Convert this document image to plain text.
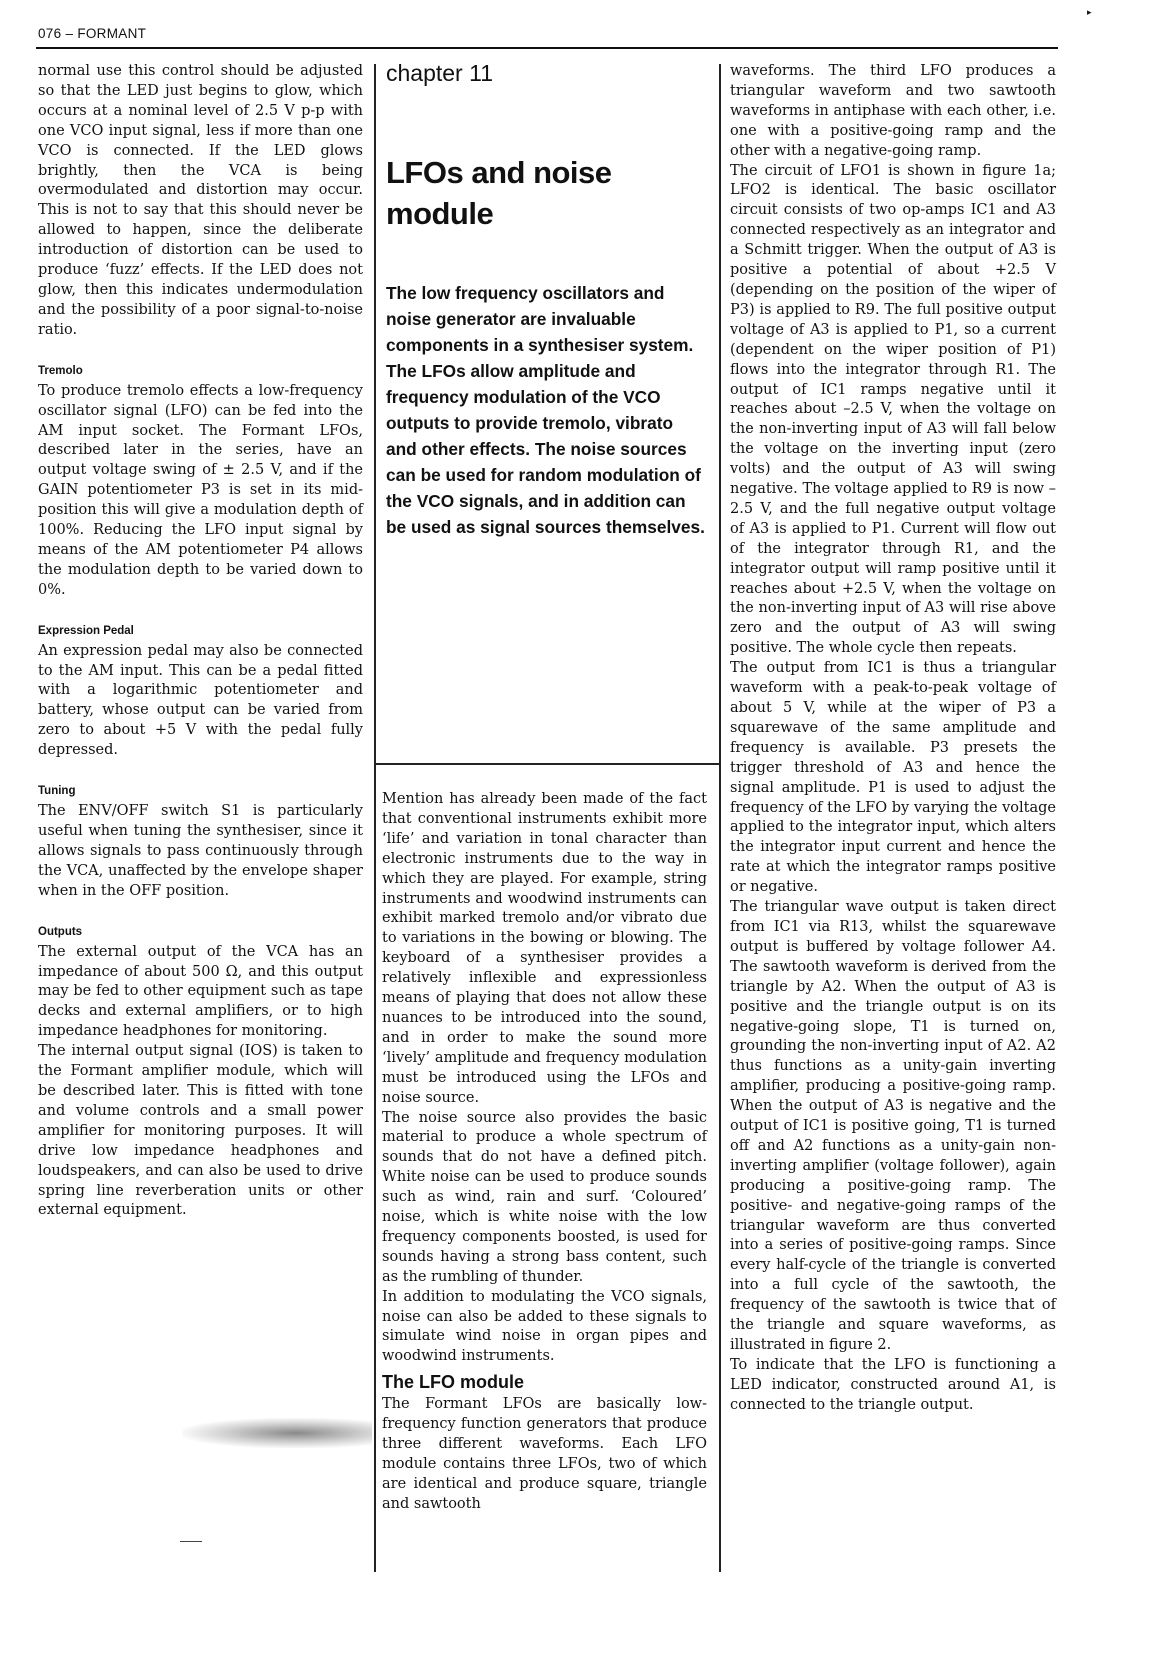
076 – FORMANT
▸

normal use this control should be adjusted so that the LED just begins to glow, which occurs at a nominal level of 2.5 V p-p with one VCO input signal, less if more than one VCO is connected. If the LED glows brightly, then the VCA is being overmodulated and distortion may occur. This is not to say that this should never be allowed to happen, since the deliberate introduction of distortion can be used to produce ‘fuzz’ effects. If the LED does not glow, then this indicates undermodulation and the possibility of a poor signal-to-noise ratio.

Tremolo

To produce tremolo effects a low-frequency oscillator signal (LFO) can be fed into the AM input socket. The Formant LFOs, described later in the series, have an output voltage swing of ± 2.5 V, and if the GAIN potentiometer P3 is set in its mid-position this will give a modulation depth of 100%. Reducing the LFO input signal by means of the AM potentiometer P4 allows the modulation depth to be varied down to 0%.

Expression Pedal

An expression pedal may also be connected to the AM input. This can be a pedal fitted with a logarithmic potentiometer and battery, whose output can be varied from zero to about +5 V with the pedal fully depressed.

Tuning

The ENV/OFF switch S1 is particularly useful when tuning the synthesiser, since it allows signals to pass continuously through the VCA, unaffected by the envelope shaper when in the OFF position.

Outputs

The external output of the VCA has an impedance of about 500 Ω, and this output may be fed to other equipment such as tape decks and external amplifiers, or to high impedance headphones for monitoring.

The internal output signal (IOS) is taken to the Formant amplifier module, which will be described later. This is fitted with tone and volume controls and a small power amplifier for monitoring purposes. It will drive low impedance headphones and loudspeakers, and can also be used to drive spring line reverberation units or other external equipment.

chapter 11
LFOs and noise
module
The low frequency oscillators and noise generator are invaluable components in a synthesiser system. The LFOs allow amplitude and frequency modulation of the VCO outputs to provide tremolo, vibrato and other effects. The noise sources can be used for random modulation of the VCO signals, and in addition can be used as signal sources themselves.

Mention has already been made of the fact that conventional instruments exhibit more ‘life’ and variation in tonal character than electronic instruments due to the way in which they are played. For example, string instruments and woodwind instruments can exhibit marked tremolo and/or vibrato due to variations in the bowing or blowing. The keyboard of a synthesiser provides a relatively inflexible and expressionless means of playing that does not allow these nuances to be introduced into the sound, and in order to make the sound more ‘lively’ amplitude and frequency modulation must be introduced using the LFOs and noise source.

The noise source also provides the basic material to produce a whole spectrum of sounds that do not have a defined pitch. White noise can be used to produce sounds such as wind, rain and surf. ‘Coloured’ noise, which is white noise with the low frequency components boosted, is used for sounds having a strong bass content, such as the rumbling of thunder.

In addition to modulating the VCO signals, noise can also be added to these signals to simulate wind noise in organ pipes and woodwind instruments.

The LFO module

The Formant LFOs are basically low-frequency function generators that produce three different waveforms. Each LFO module contains three LFOs, two of which are identical and produce square, triangle and sawtooth

waveforms. The third LFO produces a triangular waveform and two sawtooth waveforms in antiphase with each other, i.e. one with a positive-going ramp and the other with a negative-going ramp.

The circuit of LFO1 is shown in figure 1a; LFO2 is identical. The basic oscillator circuit consists of two op-amps IC1 and A3 connected respectively as an integrator and a Schmitt trigger. When the output of A3 is positive a potential of about +2.5 V (depending on the position of the wiper of P3) is applied to R9. The full positive output voltage of A3 is applied to P1, so a current (dependent on the wiper position of P1) flows into the integrator through R1. The output of IC1 ramps negative until it reaches about –2.5 V, when the voltage on the non-inverting input of A3 will fall below the voltage on the inverting input (zero volts) and the output of A3 will swing negative. The voltage applied to R9 is now –2.5 V, and the full negative output voltage of A3 is applied to P1. Current will flow out of the integrator through R1, and the integrator output will ramp positive until it reaches about +2.5 V, when the voltage on the non-inverting input of A3 will rise above zero and the output of A3 will swing positive. The whole cycle then repeats.

The output from IC1 is thus a triangular waveform with a peak-to-peak voltage of about 5 V, while at the wiper of P3 a squarewave of the same amplitude and frequency is available. P3 presets the trigger threshold of A3 and hence the signal amplitude. P1 is used to adjust the frequency of the LFO by varying the voltage applied to the integrator input, which alters the integrator input current and hence the rate at which the integrator ramps positive or negative.

The triangular wave output is taken direct from IC1 via R13, whilst the squarewave output is buffered by voltage follower A4. The sawtooth waveform is derived from the triangle by A2. When the output of A3 is positive and the triangle output is on its negative-going slope, T1 is turned on, grounding the non-inverting input of A2. A2 thus functions as a unity-gain inverting amplifier, producing a positive-going ramp. When the output of A3 is negative and the output of IC1 is positive going, T1 is turned off and A2 functions as a unity-gain non-inverting amplifier (voltage follower), again producing a positive-going ramp. The positive- and negative-going ramps of the triangular waveform are thus converted into a series of positive-going ramps. Since every half-cycle of the triangle is converted into a full cycle of the sawtooth, the frequency of the sawtooth is twice that of the triangle and square waveforms, as illustrated in figure 2.

To indicate that the LFO is functioning a LED indicator, constructed around A1, is connected to the triangle output.
